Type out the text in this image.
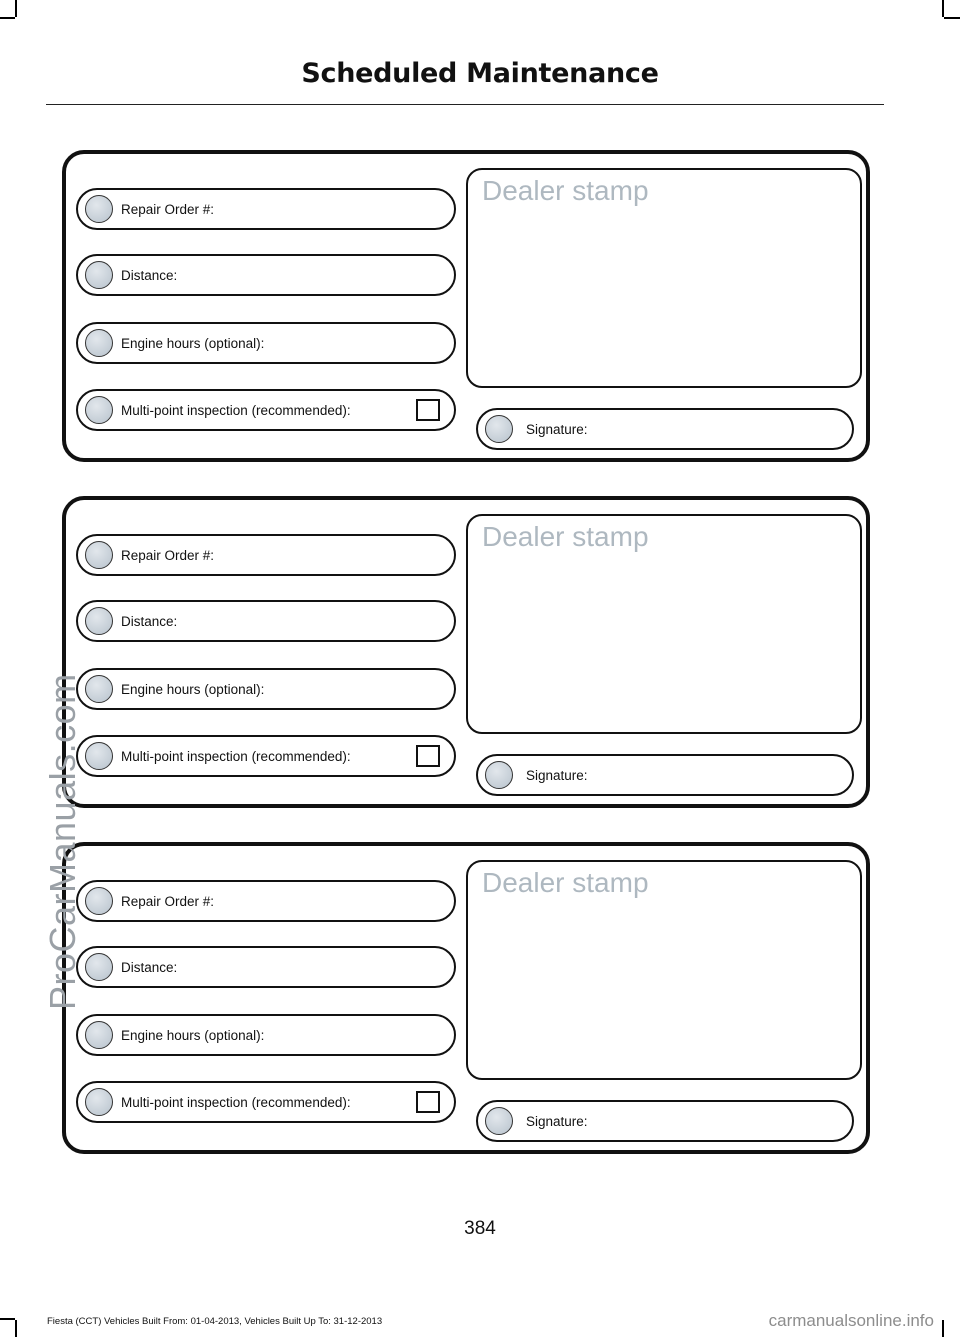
Scheduled Maintenance
Repair Order #:
Distance:
Engine hours (optional):
Multi-point inspection (recommended):
Dealer stamp
Signature:
Repair Order #:
Distance:
Engine hours (optional):
Multi-point inspection (recommended):
Dealer stamp
Signature:
Repair Order #:
Distance:
Engine hours (optional):
Multi-point inspection (recommended):
Dealer stamp
Signature:
ProCarManuals.com
384
Fiesta (CCT) Vehicles Built From: 01-04-2013, Vehicles Built Up To: 31-12-2013	carmanualsonline.info
